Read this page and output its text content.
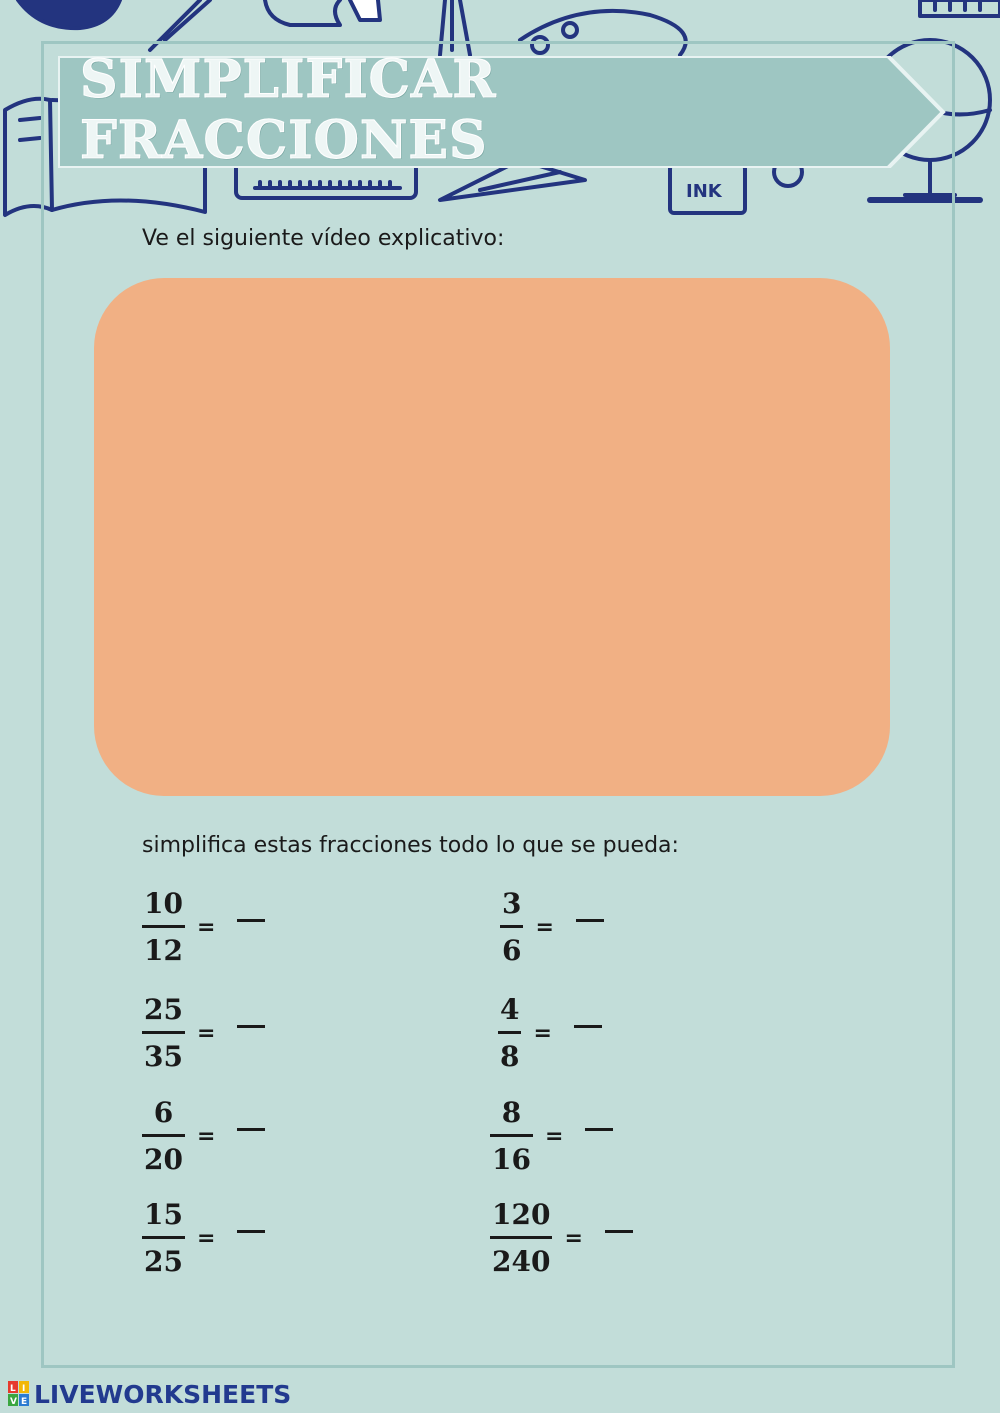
INK
SIMPLIFICAR FRACCIONES
Ve el siguiente vídeo explicativo:
simplifica estas fracciones todo lo que se pueda:
$\frac{10}{12}$ =	$\frac{3}{6}$ =
$\frac{25}{35}$ =	$\frac{4}{8}$ =
$\frac{6}{20}$ =	$\frac{8}{16}$ =
$\frac{15}{25}$ =	$\frac{120}{240}$ =
L I
V E LIVEWORKSHEETS
